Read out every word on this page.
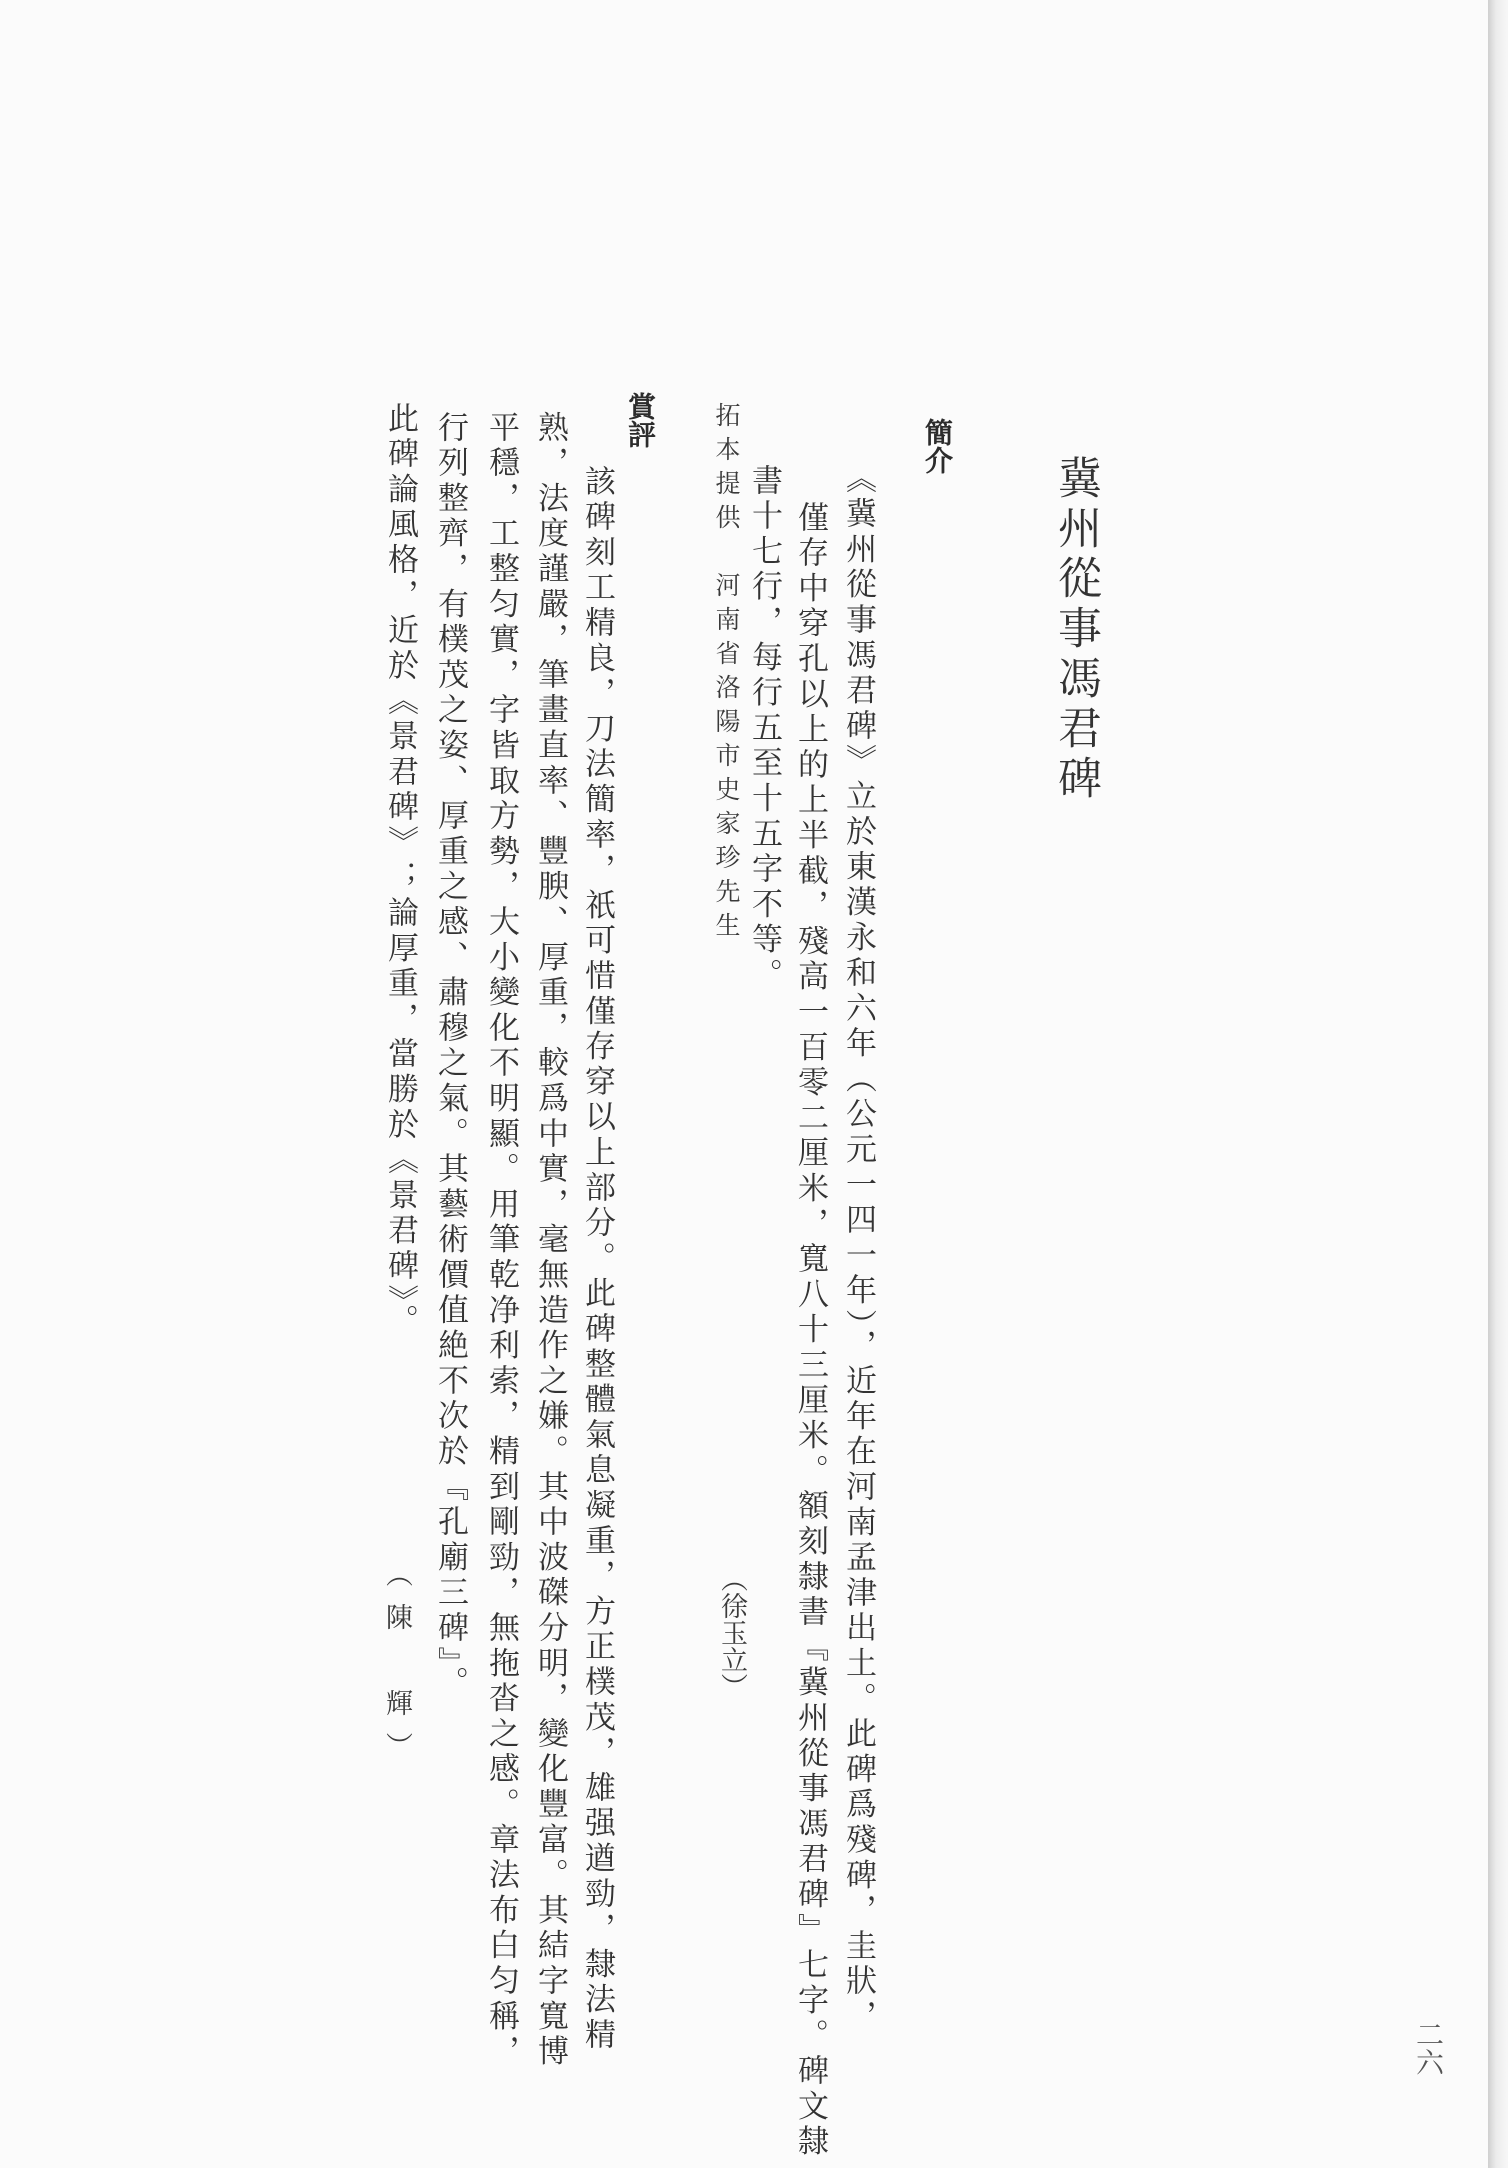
冀州從事馮君碑
簡介
《冀州從事馮君碑》立於東漢永和六年（公元一四一年），近年在河南孟津出土。此碑爲殘碑，圭狀，
僅存中穿孔以上的上半截，殘高一百零二厘米，寬八十三厘米。額刻隸書『冀州從事馮君碑』七字。碑文隸
書十七行，每行五至十五字不等。
拓本提供　河南省洛陽市史家珍先生
（徐玉立）
賞評
該碑刻工精良，刀法簡率，祇可惜僅存穿以上部分。此碑整體氣息凝重，方正樸茂，雄强遒勁，隸法精
熟，法度謹嚴，筆畫直率、豐腴、厚重，較爲中實，毫無造作之嫌。其中波磔分明，變化豐富。其結字寬博
平穩，工整匀實，字皆取方勢，大小變化不明顯。用筆乾净利索，精到剛勁，無拖沓之感。章法布白匀稱，
行列整齊，有樸茂之姿、厚重之感、肅穆之氣。其藝術價值絶不次於『孔廟三碑』。
此碑論風格，近於《景君碑》；論厚重，當勝於《景君碑》。
（陳　輝）
二六
